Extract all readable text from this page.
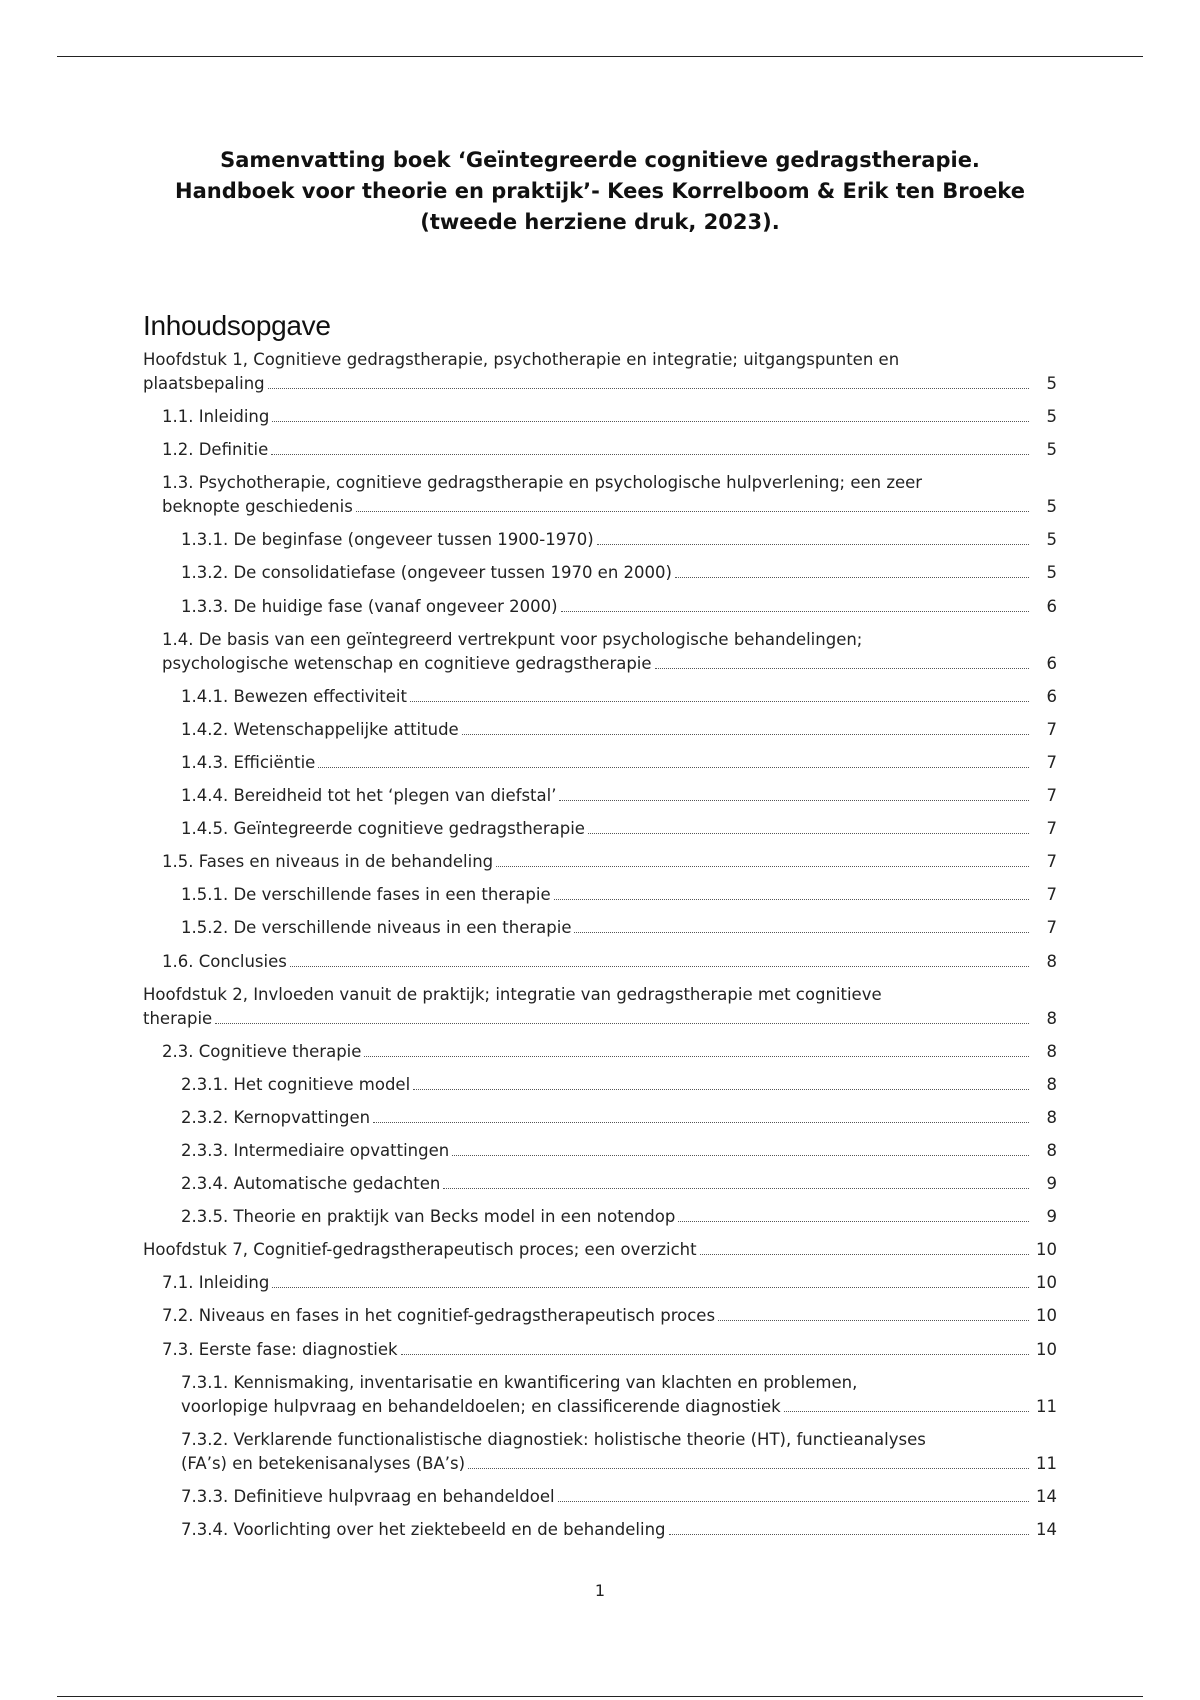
Samenvatting boek ‘Geïntegreerde cognitieve gedragstherapie.
Handboek voor theorie en praktijk’- Kees Korrelboom & Erik ten Broeke
(tweede herziene druk, 2023).
Inhoudsopgave
Hoofdstuk 1, Cognitieve gedragstherapie, psychotherapie en integratie; uitgangspunten en
plaatsbepaling	5
1.1. Inleiding	5
1.2. Definitie	5
1.3. Psychotherapie, cognitieve gedragstherapie en psychologische hulpverlening; een zeer
beknopte geschiedenis	5
1.3.1. De beginfase (ongeveer tussen 1900-1970)	5
1.3.2. De consolidatiefase (ongeveer tussen 1970 en 2000)	5
1.3.3. De huidige fase (vanaf ongeveer 2000)	6
1.4. De basis van een geïntegreerd vertrekpunt voor psychologische behandelingen;
psychologische wetenschap en cognitieve gedragstherapie	6
1.4.1. Bewezen effectiviteit	6
1.4.2. Wetenschappelijke attitude	7
1.4.3. Efficiëntie	7
1.4.4. Bereidheid tot het ‘plegen van diefstal’	7
1.4.5. Geïntegreerde cognitieve gedragstherapie	7
1.5. Fases en niveaus in de behandeling	7
1.5.1. De verschillende fases in een therapie	7
1.5.2. De verschillende niveaus in een therapie	7
1.6. Conclusies	8
Hoofdstuk 2, Invloeden vanuit de praktijk; integratie van gedragstherapie met cognitieve
therapie	8
2.3. Cognitieve therapie	8
2.3.1. Het cognitieve model	8
2.3.2. Kernopvattingen	8
2.3.3. Intermediaire opvattingen	8
2.3.4. Automatische gedachten	9
2.3.5. Theorie en praktijk van Becks model in een notendop	9
Hoofdstuk 7, Cognitief-gedragstherapeutisch proces; een overzicht	10
7.1. Inleiding	10
7.2. Niveaus en fases in het cognitief-gedragstherapeutisch proces	10
7.3. Eerste fase: diagnostiek	10
7.3.1. Kennismaking, inventarisatie en kwantificering van klachten en problemen,
voorlopige hulpvraag en behandeldoelen; en classificerende diagnostiek	11
7.3.2. Verklarende functionalistische diagnostiek: holistische theorie (HT), functieanalyses
(FA’s) en betekenisanalyses (BA’s)	11
7.3.3. Definitieve hulpvraag en behandeldoel	14
7.3.4. Voorlichting over het ziektebeeld en de behandeling	14
1
